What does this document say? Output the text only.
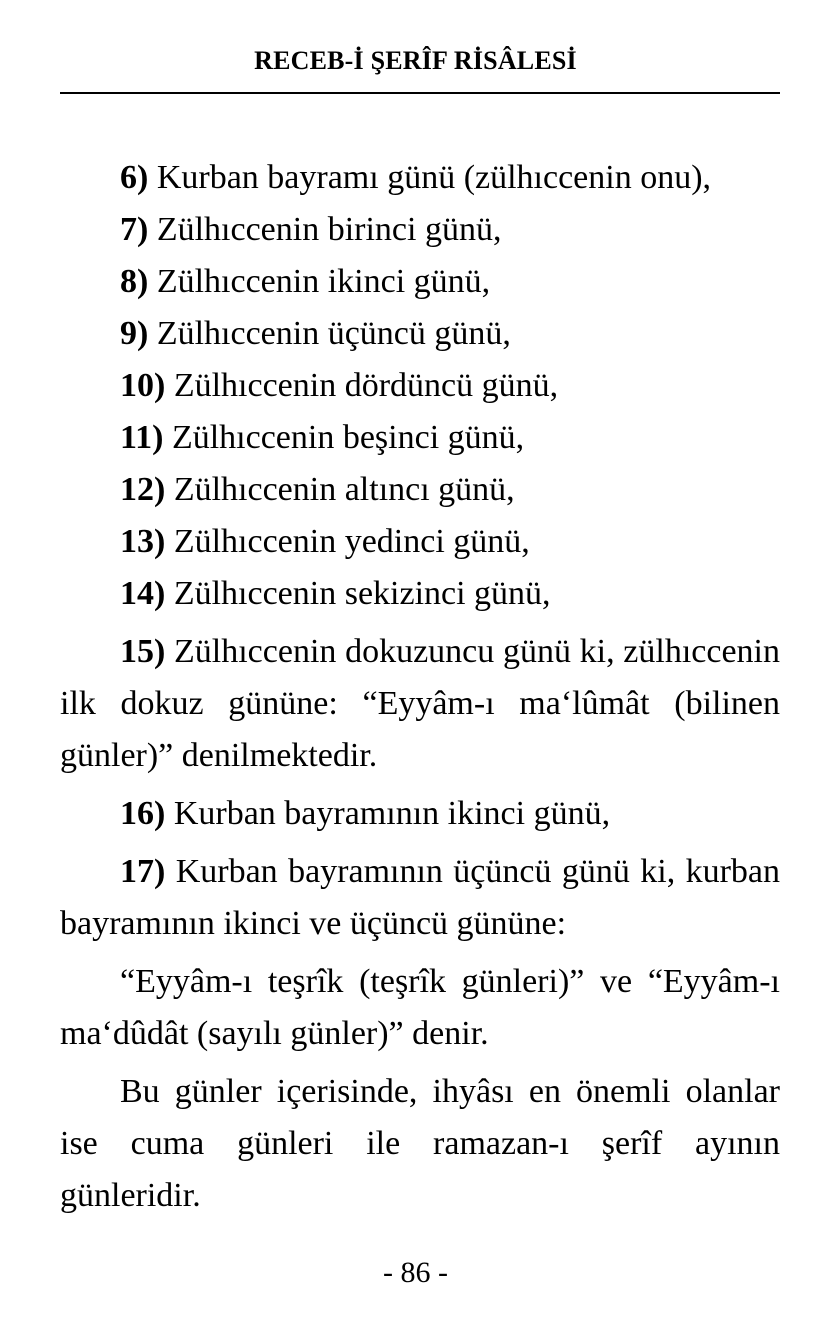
RECEB-İ ŞERÎF RİSÂLESİ

6) Kurban bayramı günü (zülhıccenin onu),

7) Zülhıccenin birinci günü,

8) Zülhıccenin ikinci günü,

9) Zülhıccenin üçüncü günü,

10) Zülhıccenin dördüncü günü,

11) Zülhıccenin beşinci günü,

12) Zülhıccenin altıncı günü,

13) Zülhıccenin yedinci günü,

14) Zülhıccenin sekizinci günü,

15) Zülhıccenin dokuzuncu günü ki, zülhıccenin ilk dokuz gününe: “Eyyâm-ı ma‘lûmât (bilinen günler)” denilmektedir.

16) Kurban bayramının ikinci günü,

17) Kurban bayramının üçüncü günü ki, kurban bayramının ikinci ve üçüncü gününe:

“Eyyâm-ı teşrîk (teşrîk günleri)” ve “Eyyâm-ı ma‘dûdât (sayılı günler)” denir.

Bu günler içerisinde, ihyâsı en önemli olanlar ise cuma günleri ile ramazan-ı şerîf ayının günleridir.

- 86 -
